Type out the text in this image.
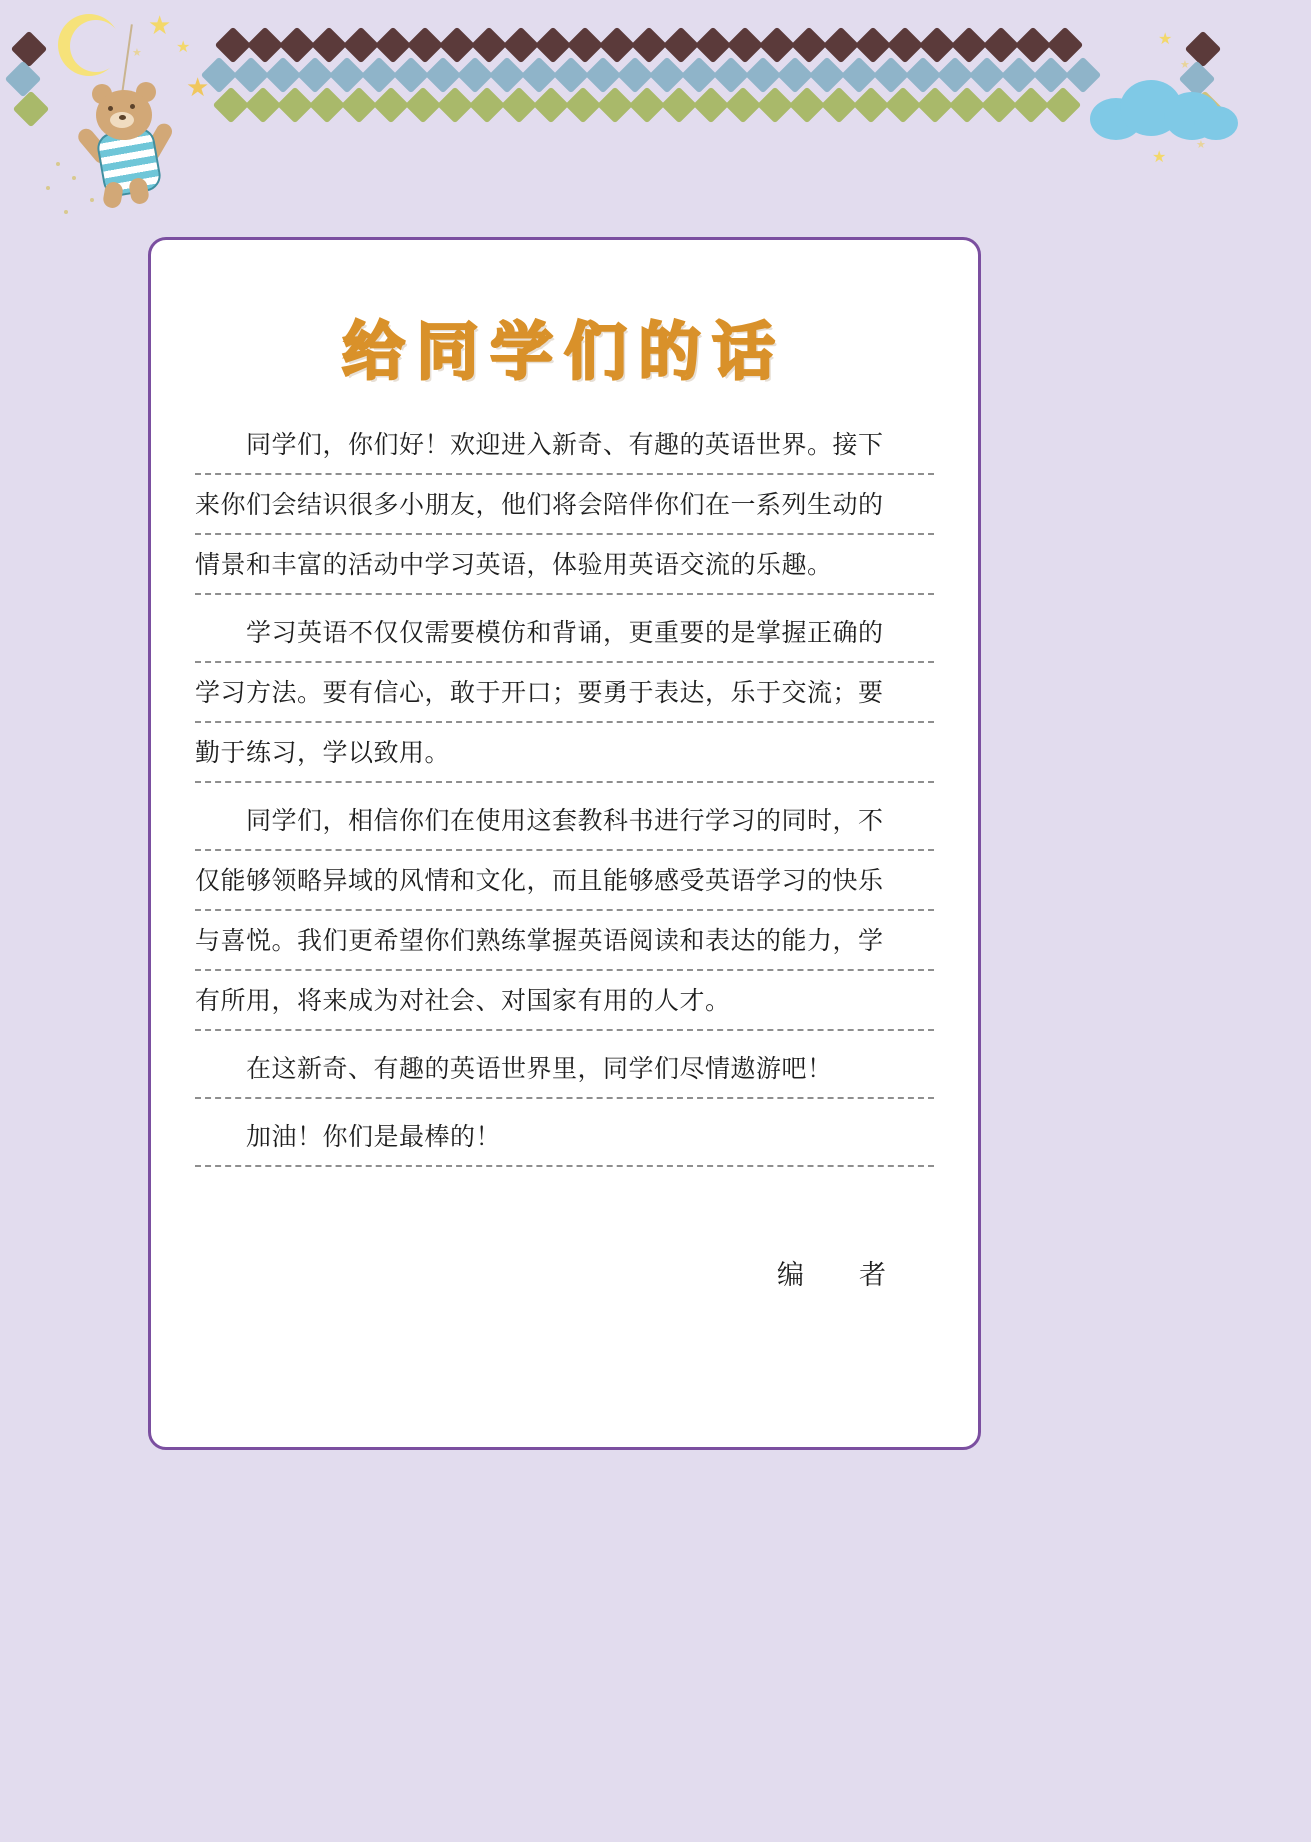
★
★
★
★
★
★
★
★
给同学们的话
　　同学们，你们好！欢迎进入新奇、有趣的英语世界。接下
来你们会结识很多小朋友，他们将会陪伴你们在一系列生动的
情景和丰富的活动中学习英语，体验用英语交流的乐趣。
　　学习英语不仅仅需要模仿和背诵，更重要的是掌握正确的
学习方法。要有信心，敢于开口；要勇于表达，乐于交流；要
勤于练习，学以致用。
　　同学们，相信你们在使用这套教科书进行学习的同时，不
仅能够领略异域的风情和文化，而且能够感受英语学习的快乐
与喜悦。我们更希望你们熟练掌握英语阅读和表达的能力，学
有所用，将来成为对社会、对国家有用的人才。
　　在这新奇、有趣的英语世界里，同学们尽情遨游吧！
　　加油！你们是最棒的！
编　者
